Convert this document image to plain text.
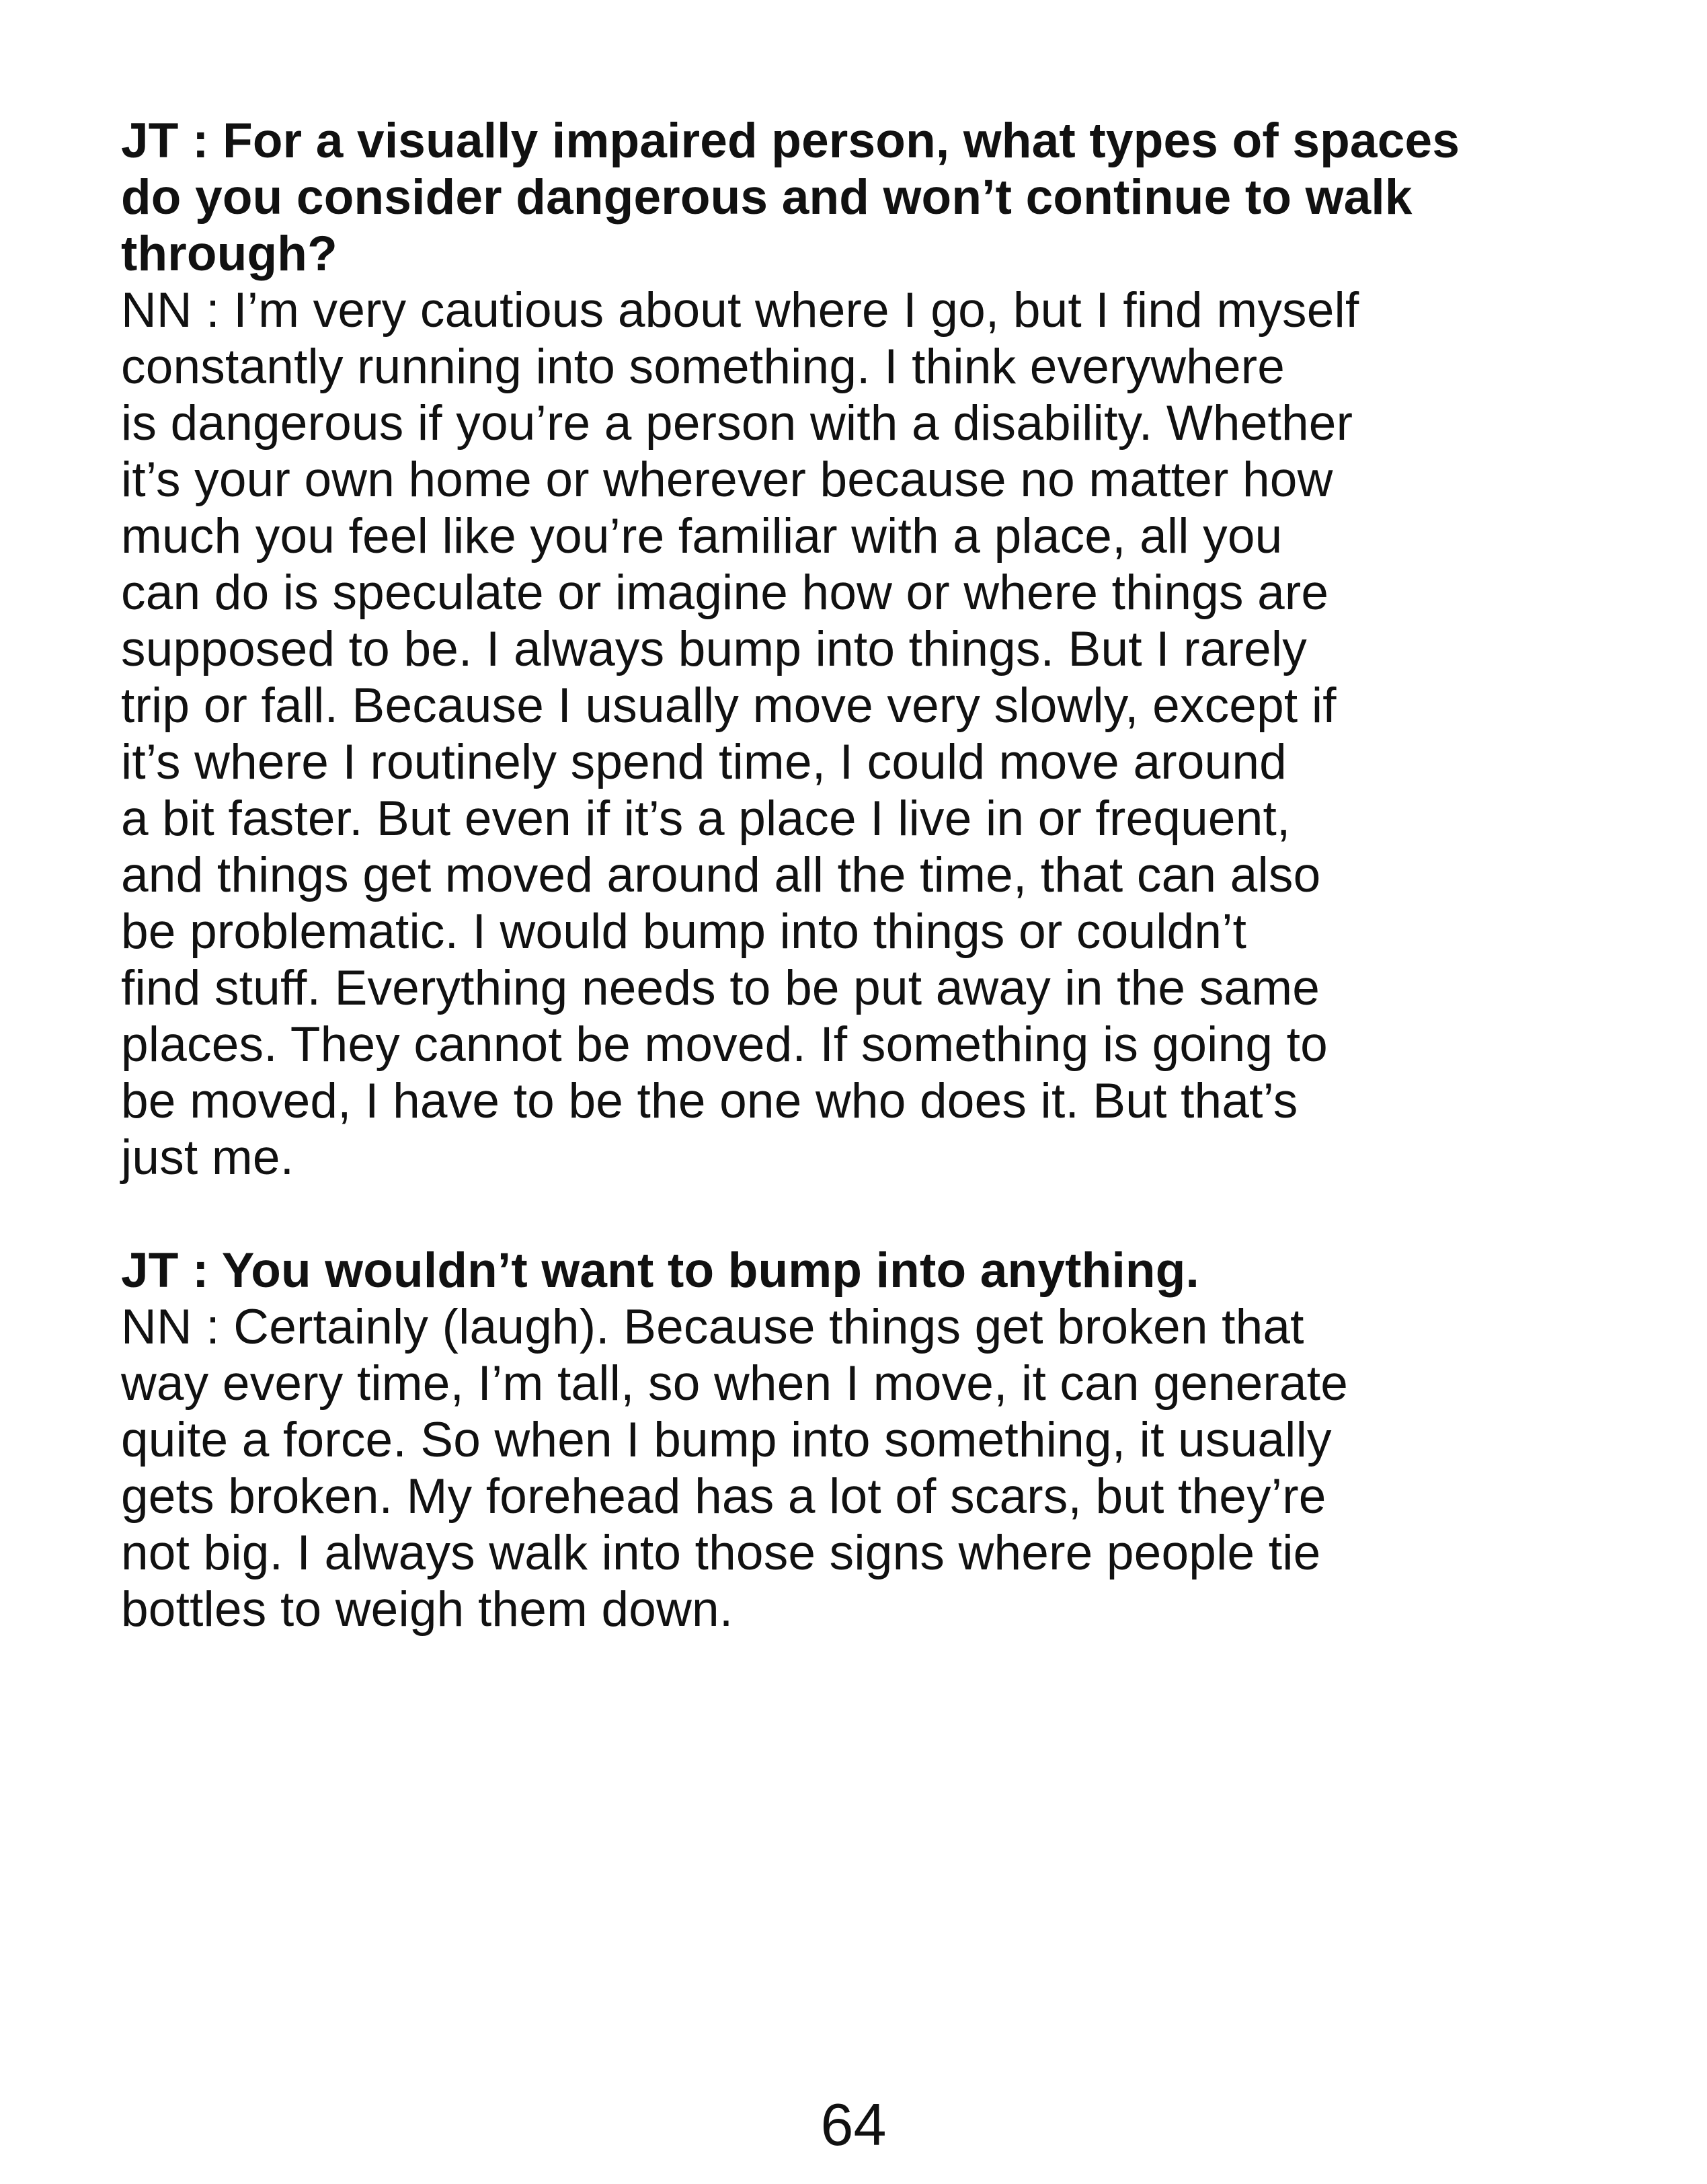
JT : For a visually impaired person, what types of spaces
do you consider dangerous and won’t continue to walk
through?
NN : I’m very cautious about where I go, but I find myself
constantly running into something. I think everywhere
is dangerous if you’re a person with a disability. Whether
it’s your own home or wherever because no matter how
much you feel like you’re familiar with a place, all you
can do is speculate or imagine how or where things are
supposed to be. I always bump into things. But I rarely
trip or fall. Because I usually move very slowly, except if
it’s where I routinely spend time, I could move around
a bit faster. But even if it’s a place I live in or frequent,
and things get moved around all the time, that can also
be problematic. I would bump into things or couldn’t
find stuff. Everything needs to be put away in the same
places. They cannot be moved. If something is going to
be moved, I have to be the one who does it. But that’s
just me.
JT : You wouldn’t want to bump into anything.
NN : Certainly (laugh). Because things get broken that
way every time, I’m tall, so when I move, it can generate
quite a force. So when I bump into something, it usually
gets broken. My forehead has a lot of scars, but they’re
not big. I always walk into those signs where people tie
bottles to weigh them down.
64
